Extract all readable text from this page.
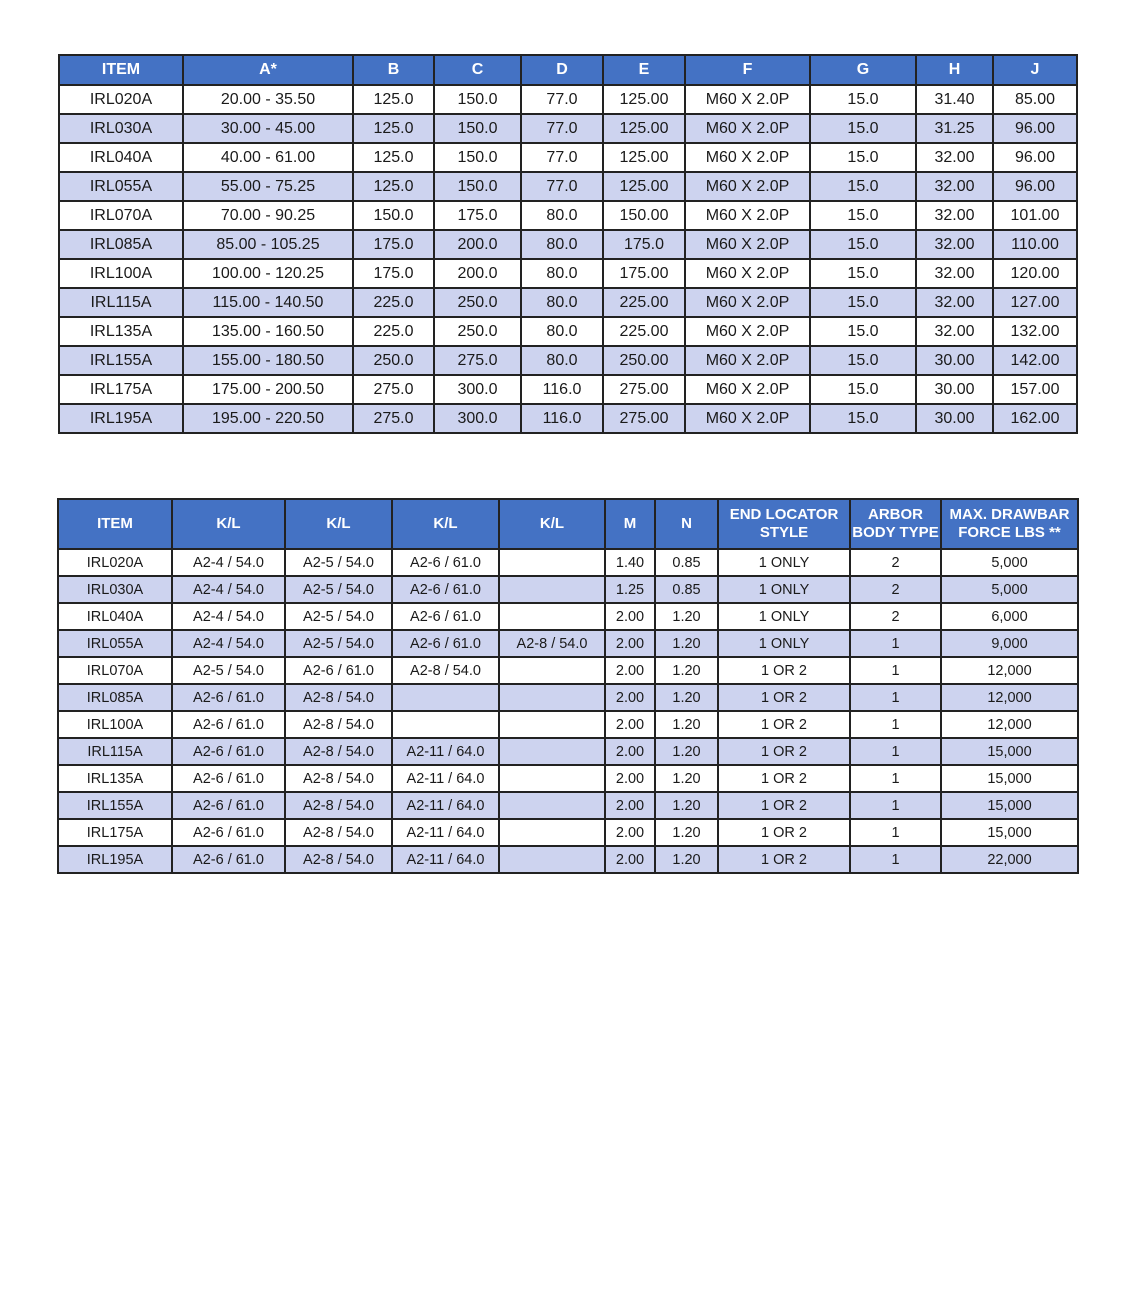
ITEM	A*	B	C	D	E	F	G	H	J
IRL020A	20.00 - 35.50	125.0	150.0	77.0	125.00	M60 X 2.0P	15.0	31.40	85.00
IRL030A	30.00 - 45.00	125.0	150.0	77.0	125.00	M60 X 2.0P	15.0	31.25	96.00
IRL040A	40.00 - 61.00	125.0	150.0	77.0	125.00	M60 X 2.0P	15.0	32.00	96.00
IRL055A	55.00 - 75.25	125.0	150.0	77.0	125.00	M60 X 2.0P	15.0	32.00	96.00
IRL070A	70.00 - 90.25	150.0	175.0	80.0	150.00	M60 X 2.0P	15.0	32.00	101.00
IRL085A	85.00 - 105.25	175.0	200.0	80.0	175.0	M60 X 2.0P	15.0	32.00	110.00
IRL100A	100.00 - 120.25	175.0	200.0	80.0	175.00	M60 X 2.0P	15.0	32.00	120.00
IRL115A	115.00 - 140.50	225.0	250.0	80.0	225.00	M60 X 2.0P	15.0	32.00	127.00
IRL135A	135.00 - 160.50	225.0	250.0	80.0	225.00	M60 X 2.0P	15.0	32.00	132.00
IRL155A	155.00 - 180.50	250.0	275.0	80.0	250.00	M60 X 2.0P	15.0	30.00	142.00
IRL175A	175.00 - 200.50	275.0	300.0	116.0	275.00	M60 X 2.0P	15.0	30.00	157.00
IRL195A	195.00 - 220.50	275.0	300.0	116.0	275.00	M60 X 2.0P	15.0	30.00	162.00
ITEM	K/L	K/L	K/L	K/L	M	N	END LOCATOR STYLE	ARBOR BODY TYPE	MAX. DRAWBAR FORCE LBS **
IRL020A	A2-4 / 54.0	A2-5 / 54.0	A2-6 / 61.0		1.40	0.85	1 ONLY	2	5,000
IRL030A	A2-4 / 54.0	A2-5 / 54.0	A2-6 / 61.0		1.25	0.85	1 ONLY	2	5,000
IRL040A	A2-4 / 54.0	A2-5 / 54.0	A2-6 / 61.0		2.00	1.20	1 ONLY	2	6,000
IRL055A	A2-4 / 54.0	A2-5 / 54.0	A2-6 / 61.0	A2-8 / 54.0	2.00	1.20	1 ONLY	1	9,000
IRL070A	A2-5 / 54.0	A2-6 / 61.0	A2-8 / 54.0		2.00	1.20	1 OR 2	1	12,000
IRL085A	A2-6 / 61.0	A2-8 / 54.0			2.00	1.20	1 OR 2	1	12,000
IRL100A	A2-6 / 61.0	A2-8 / 54.0			2.00	1.20	1 OR 2	1	12,000
IRL115A	A2-6 / 61.0	A2-8 / 54.0	A2-11 / 64.0		2.00	1.20	1 OR 2	1	15,000
IRL135A	A2-6 / 61.0	A2-8 / 54.0	A2-11 / 64.0		2.00	1.20	1 OR 2	1	15,000
IRL155A	A2-6 / 61.0	A2-8 / 54.0	A2-11 / 64.0		2.00	1.20	1 OR 2	1	15,000
IRL175A	A2-6 / 61.0	A2-8 / 54.0	A2-11 / 64.0		2.00	1.20	1 OR 2	1	15,000
IRL195A	A2-6 / 61.0	A2-8 / 54.0	A2-11 / 64.0		2.00	1.20	1 OR 2	1	22,000
